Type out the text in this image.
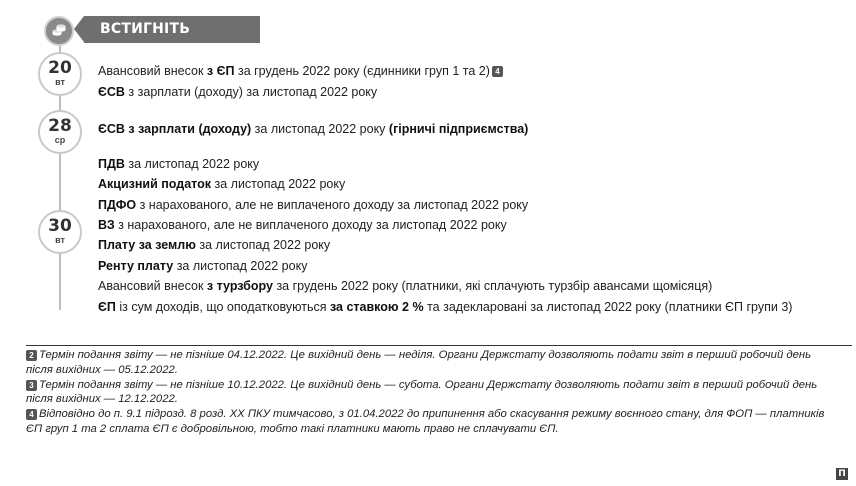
ВСТИГНІТЬ СПЛАТИТИ
20
вт
28
ср
30
вт
Авансовий внесок з ЄП за грудень 2022 року (єдинники груп 1 та 2) 4
ЄСВ з зарплати (доходу) за листопад 2022 року
ЄСВ з зарплати (доходу) за листопад 2022 року (гірничі підприємства)
ПДВ за листопад 2022 року
Акцизний податок за листопад 2022 року
ПДФО з нарахованого, але не виплаченого доходу за листопад 2022 року
ВЗ з нарахованого, але не виплаченого доходу за листопад 2022 року
Плату за землю за листопад 2022 року
Ренту плату за листопад 2022 року
Авансовий внесок з турзбору за грудень 2022 року (платники, які сплачують турзбір авансами щомісяця)
ЄП із сум доходів, що оподатковуються за ставкою 2 % та задекларовані за листопад 2022 року (платники ЄП групи 3)
2 Термін подання звіту — не пізніше 04.12.2022. Це вихідний день — неділя. Органи Держстату дозволяють подати звіт в перший робочий день після вихідних — 05.12.2022.
3 Термін подання звіту — не пізніше 10.12.2022. Це вихідний день — субота. Органи Держстату дозволяють подати звіт в перший робочий день після вихідних — 12.12.2022.
4 Відповідно до п. 9.1 підрозд. 8 розд. XX ПКУ тимчасово, з 01.04.2022 до припинення або скасування режиму воєнного стану, для ФОП — платників ЄП груп 1 та 2 сплата ЄП є добровільною, тобто такі платники мають право не сплачувати ЄП.
П
